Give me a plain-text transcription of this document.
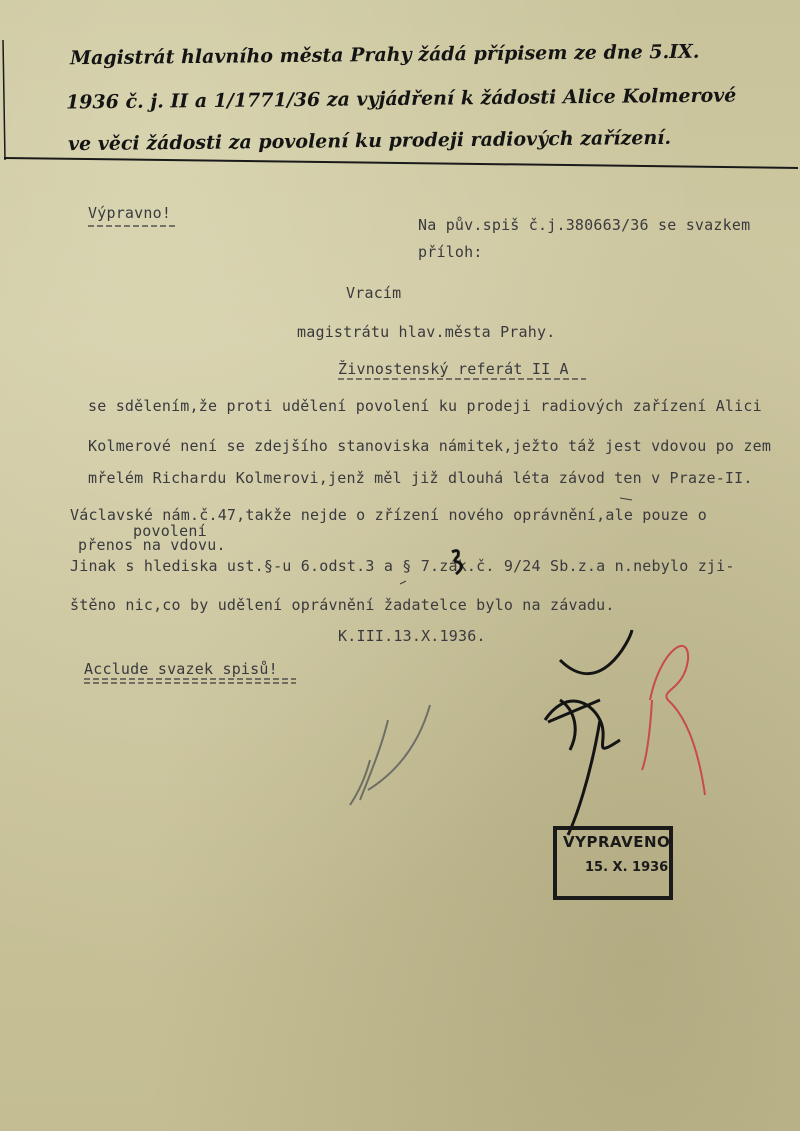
Magistrát hlavního města Prahy žádá přípisem ze dne 5.IX.
1936 č. j. II a 1/1771/36 za vyjádření k žádosti Alice Kolmerové
ve věci žádosti za povolení ku prodeji radiových zařízení.
Výpravno!
Na pův.spiš č.j.380663/36 se svazkem
příloh:
Vracím
magistrátu hlav.města Prahy.
Živnostenský referát II A
se sdělením,že proti udělení povolení ku prodeji radiových zařízení Alici
Kolmerové není se zdejšího stanoviska námitek,ježto táž jest vdovou po zem
mřelém Richardu Kolmerovi,jenž měl již dlouhá léta závod ten v Praze-II.
Václavské nám.č.47,takže nejde o zřízení nového oprávnění,ale pouze o
povolení
přenos na vdovu.
Jinak s hlediska ust.§-u 6.odst.3 a § 7.zák.č. 9/24 Sb.z.a n.nebylo zji-
štěno nic,co by udělení oprávnění žadatelce bylo na závadu.
K.III.13.X.1936.
Acclude svazek spisů!
VYPRAVENO
15. X. 1936
